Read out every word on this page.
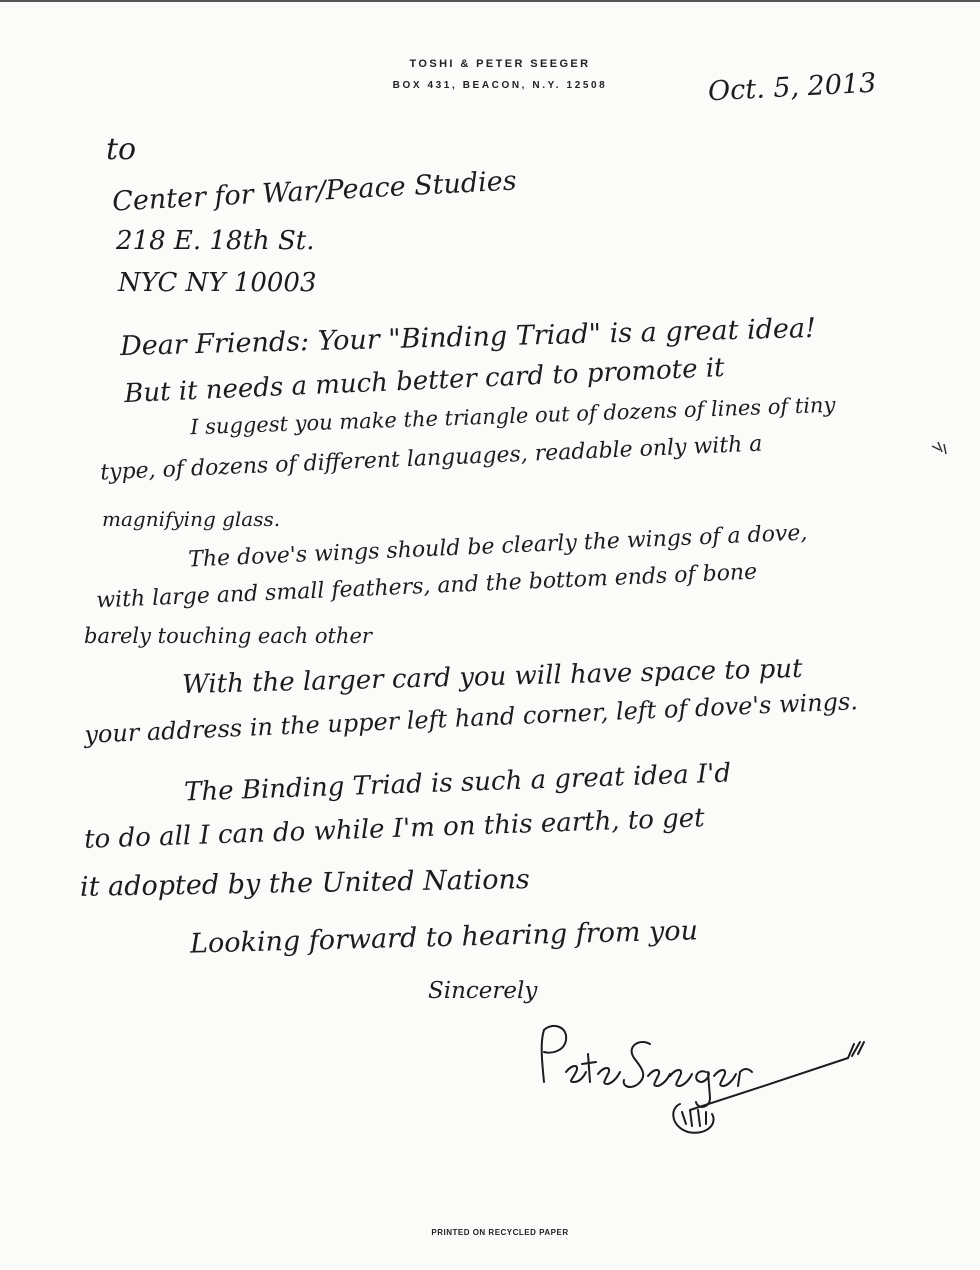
TOSHI & PETER SEEGER
BOX 431, BEACON, N.Y. 12508	Oct. 5, 2013
to
Center for War/Peace Studies
218 E. 18th St.
NYC NY 10003
Dear Friends: Your "Binding Triad" is a great idea!
But it needs a much better card to promote it
I suggest you make the triangle out of dozens of lines of tiny
type, of dozens of different languages, readable only with a
magnifying glass.
The dove's wings should be clearly the wings of a dove,
with large and small feathers, and the bottom ends of bone
barely touching each other
With the larger card you will have space to put
your address in the upper left hand corner, left of dove's wings.
The Binding Triad is such a great idea I'd
to do all I can do while I'm on this earth, to get
it adopted by the United Nations
Looking forward to hearing from you
Sincerely
PRINTED ON RECYCLED PAPER
